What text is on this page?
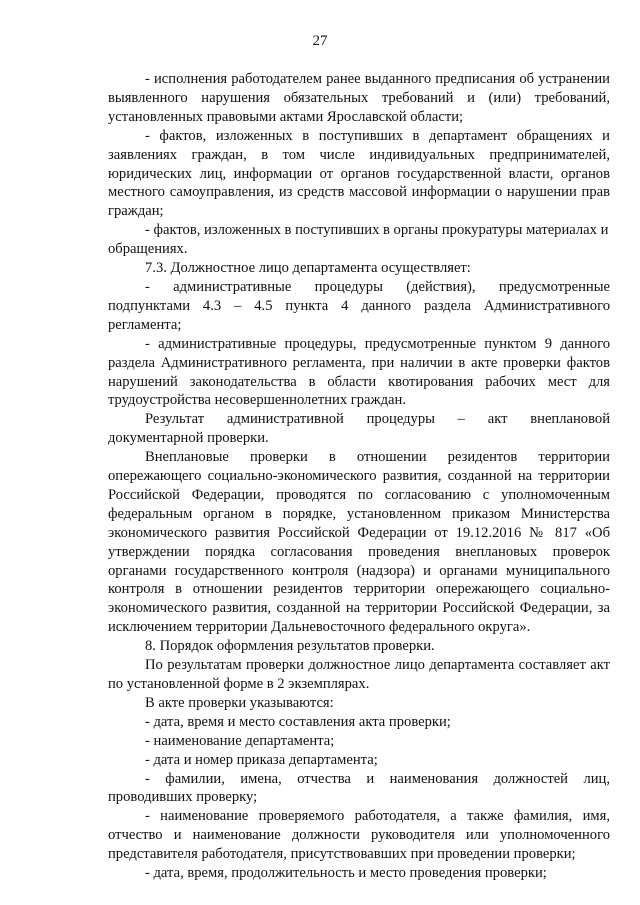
27

- исполнения работодателем ранее выданного предписания об устранении выявленного нарушения обязательных требований и (или) требований, установленных правовыми актами Ярославской области;

- фактов, изложенных в поступивших в департамент обращениях и заявлениях граждан, в том числе индивидуальных предпринимателей, юридических лиц, информации от органов государственной власти, органов местного самоуправления, из средств массовой информации о нарушении прав граждан;

- фактов, изложенных в поступивших в органы прокуратуры материалах и обращениях.

7.3. Должностное лицо департамента осуществляет:

- административные процедуры (действия), предусмотренные подпунктами 4.3 – 4.5 пункта 4 данного раздела Административного регламента;

- административные процедуры, предусмотренные пунктом 9 данного раздела Административного регламента, при наличии в акте проверки фактов нарушений законодательства в области квотирования рабочих мест для трудоустройства несовершеннолетних граждан.

Результат административной процедуры – акт внеплановой документарной проверки.

Внеплановые проверки в отношении резидентов территории опережающего социально-экономического развития, созданной на территории Российской Федерации, проводятся по согласованию с уполномоченным федеральным органом в порядке, установленном приказом Министерства экономического развития Российской Федерации от 19.12.2016 № 817 «Об утверждении порядка согласования проведения внеплановых проверок органами государственного контроля (надзора) и органами муниципального контроля в отношении резидентов территории опережающего социально-экономического развития, созданной на территории Российской Федерации, за исключением территории Дальневосточного федерального округа».

8. Порядок оформления результатов проверки.

По результатам проверки должностное лицо департамента составляет акт по установленной форме в 2 экземплярах.

В акте проверки указываются:

- дата, время и место составления акта проверки;

- наименование департамента;

- дата и номер приказа департамента;

- фамилии, имена, отчества и наименования должностей лиц, проводивших проверку;

- наименование проверяемого работодателя, а также фамилия, имя, отчество и наименование должности руководителя или уполномоченного представителя работодателя, присутствовавших при проведении проверки;

- дата, время, продолжительность и место проведения проверки;
